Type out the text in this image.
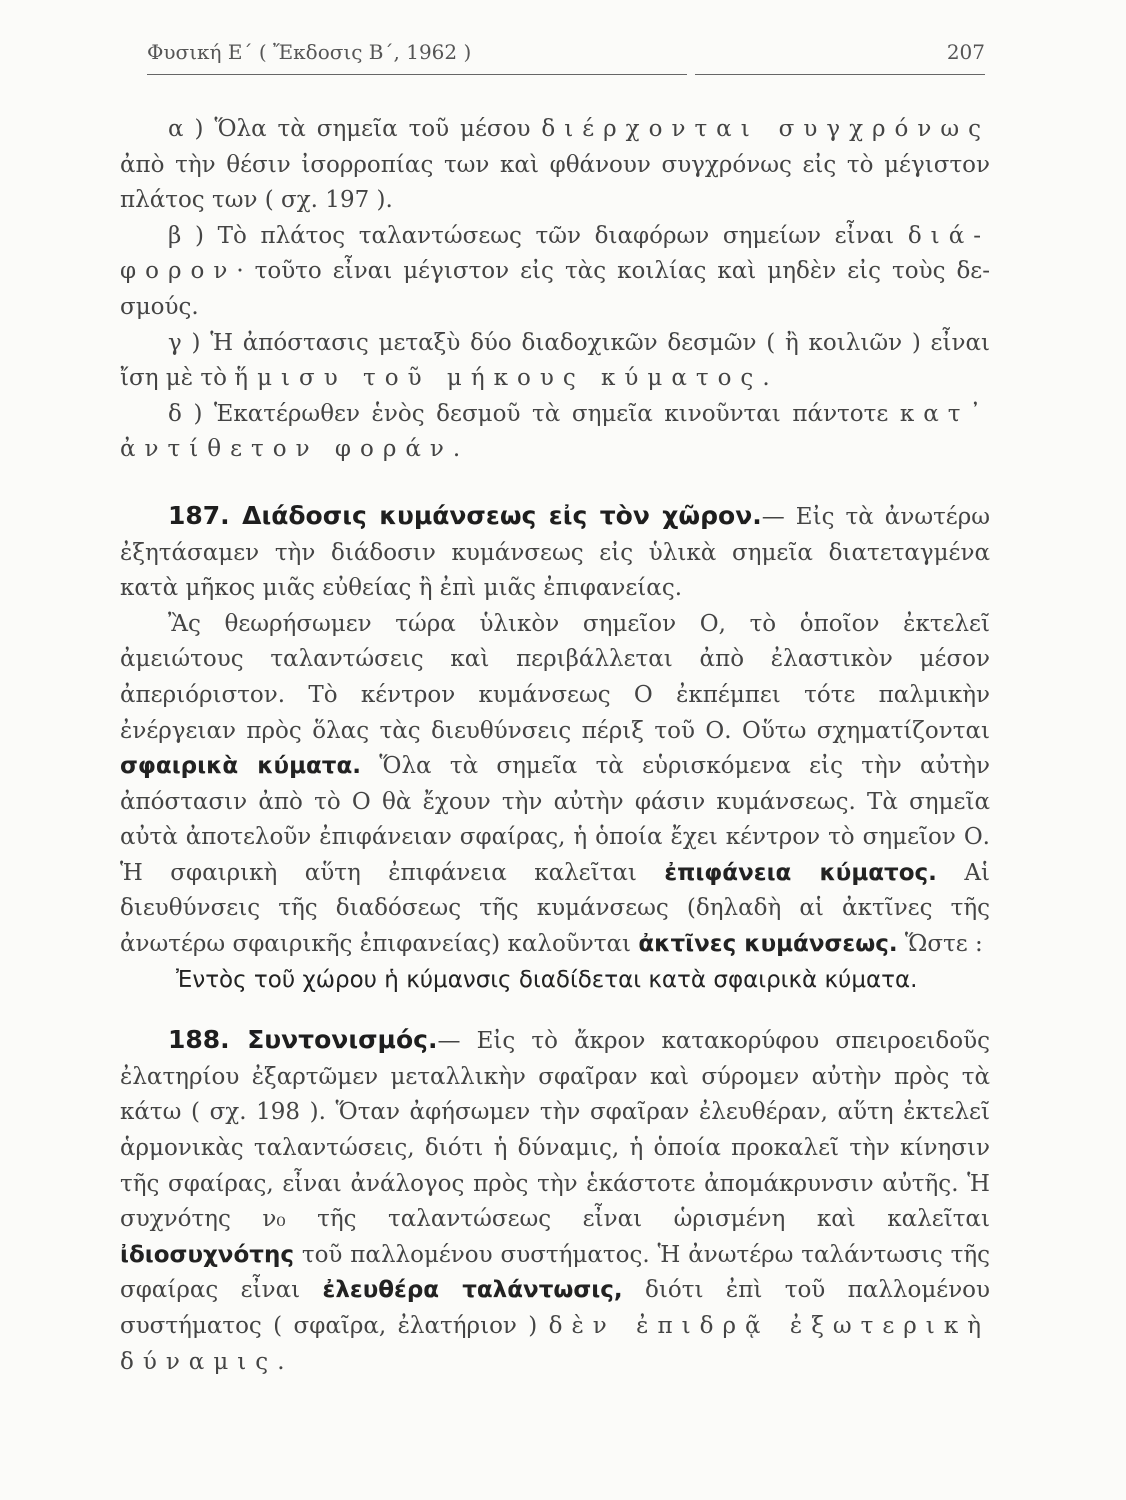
Φυσική Ε΄ ( Ἔκδοσις Β΄, 1962 )	207

α ) Ὅλα τὰ σημεῖα τοῦ μέσου διέρχονται συγχρόνως ἀπὸ τὴν θέσιν ἰσορροπίας των καὶ φθάνουν συγχρόνως εἰς τὸ μέγιστον πλάτος των ( σχ. 197 ).

β ) Τὸ πλάτος ταλαντώσεως τῶν διαφόρων σημείων εἶναι διά- φορον· τοῦτο εἶναι μέγιστον εἰς τὰς κοιλίας καὶ μηδὲν εἰς τοὺς δε-σμούς.

γ ) Ἡ ἀπόστασις μεταξὺ δύο διαδοχικῶν δεσμῶν ( ἢ κοιλιῶν ) εἶναι ἴση μὲ τὸ ἥμισυ τοῦ μήκους κύματος.

δ ) Ἑκατέρωθεν ἑνὸς δεσμοῦ τὰ σημεῖα κινοῦνται πάντοτε κατ᾽ ἀντίθετον φοράν.

187. Διάδοσις κυμάνσεως εἰς τὸν χῶρον.— Εἰς τὰ ἀνωτέρω ἐξητάσαμεν τὴν διάδοσιν κυμάνσεως εἰς ὑλικὰ σημεῖα διατεταγμένα κατὰ μῆκος μιᾶς εὐθείας ἢ ἐπὶ μιᾶς ἐπιφανείας.

Ἂς θεωρήσωμεν τώρα ὑλικὸν σημεῖον Ο, τὸ ὁποῖον ἐκτελεῖ ἀμειώτους ταλαντώσεις καὶ περιβάλλεται ἀπὸ ἐλαστικὸν μέσον ἀπεριόριστον. Τὸ κέντρον κυμάνσεως Ο ἐκπέμπει τότε παλμικὴν ἐνέργειαν πρὸς ὅλας τὰς διευθύνσεις πέριξ τοῦ Ο. Οὕτω σχηματίζονται σφαιρικὰ κύματα. Ὅλα τὰ σημεῖα τὰ εὑρισκόμενα εἰς τὴν αὐτὴν ἀπόστασιν ἀπὸ τὸ Ο θὰ ἔχουν τὴν αὐτὴν φάσιν κυμάνσεως. Τὰ σημεῖα αὐτὰ ἀποτελοῦν ἐπιφάνειαν σφαίρας, ἡ ὁποία ἔχει κέντρον τὸ σημεῖον Ο. Ἡ σφαιρικὴ αὕτη ἐπιφάνεια καλεῖται ἐπιφάνεια κύματος. Αἱ διευθύνσεις τῆς διαδόσεως τῆς κυμάνσεως (δηλαδὴ αἱ ἀκτῖνες τῆς ἀνωτέρω σφαιρικῆς ἐπιφανείας) καλοῦνται ἀκτῖνες κυμάνσεως. Ὥστε :

Ἐντὸς τοῦ χώρου ἡ κύμανσις διαδίδεται κατὰ σφαιρικὰ κύματα.

188. Συντονισμός.— Εἰς τὸ ἄκρον κατακορύφου σπειροειδοῦς ἐλατηρίου ἐξαρτῶμεν μεταλλικὴν σφαῖραν καὶ σύρομεν αὐτὴν πρὸς τὰ κάτω ( σχ. 198 ). Ὅταν ἀφήσωμεν τὴν σφαῖραν ἐλευθέραν, αὕτη ἐκτελεῖ ἁρμονικὰς ταλαντώσεις, διότι ἡ δύναμις, ἡ ὁποία προκαλεῖ τὴν κίνησιν τῆς σφαίρας, εἶναι ἀνάλογος πρὸς τὴν ἑκάστοτε ἀπομάκρυνσιν αὐτῆς. Ἡ συχνότης ν₀ τῆς ταλαντώσεως εἶναι ὡρισμένη καὶ καλεῖται ἰδιοσυχνότης τοῦ παλλομένου συστήματος. Ἡ ἀνωτέρω ταλάντωσις τῆς σφαίρας εἶναι ἐλευθέρα ταλάντωσις, διότι ἐπὶ τοῦ παλλομένου συστήματος ( σφαῖρα, ἐλατήριον ) δὲν ἐπιδρᾷ ἐξωτερικὴ δύναμις.
